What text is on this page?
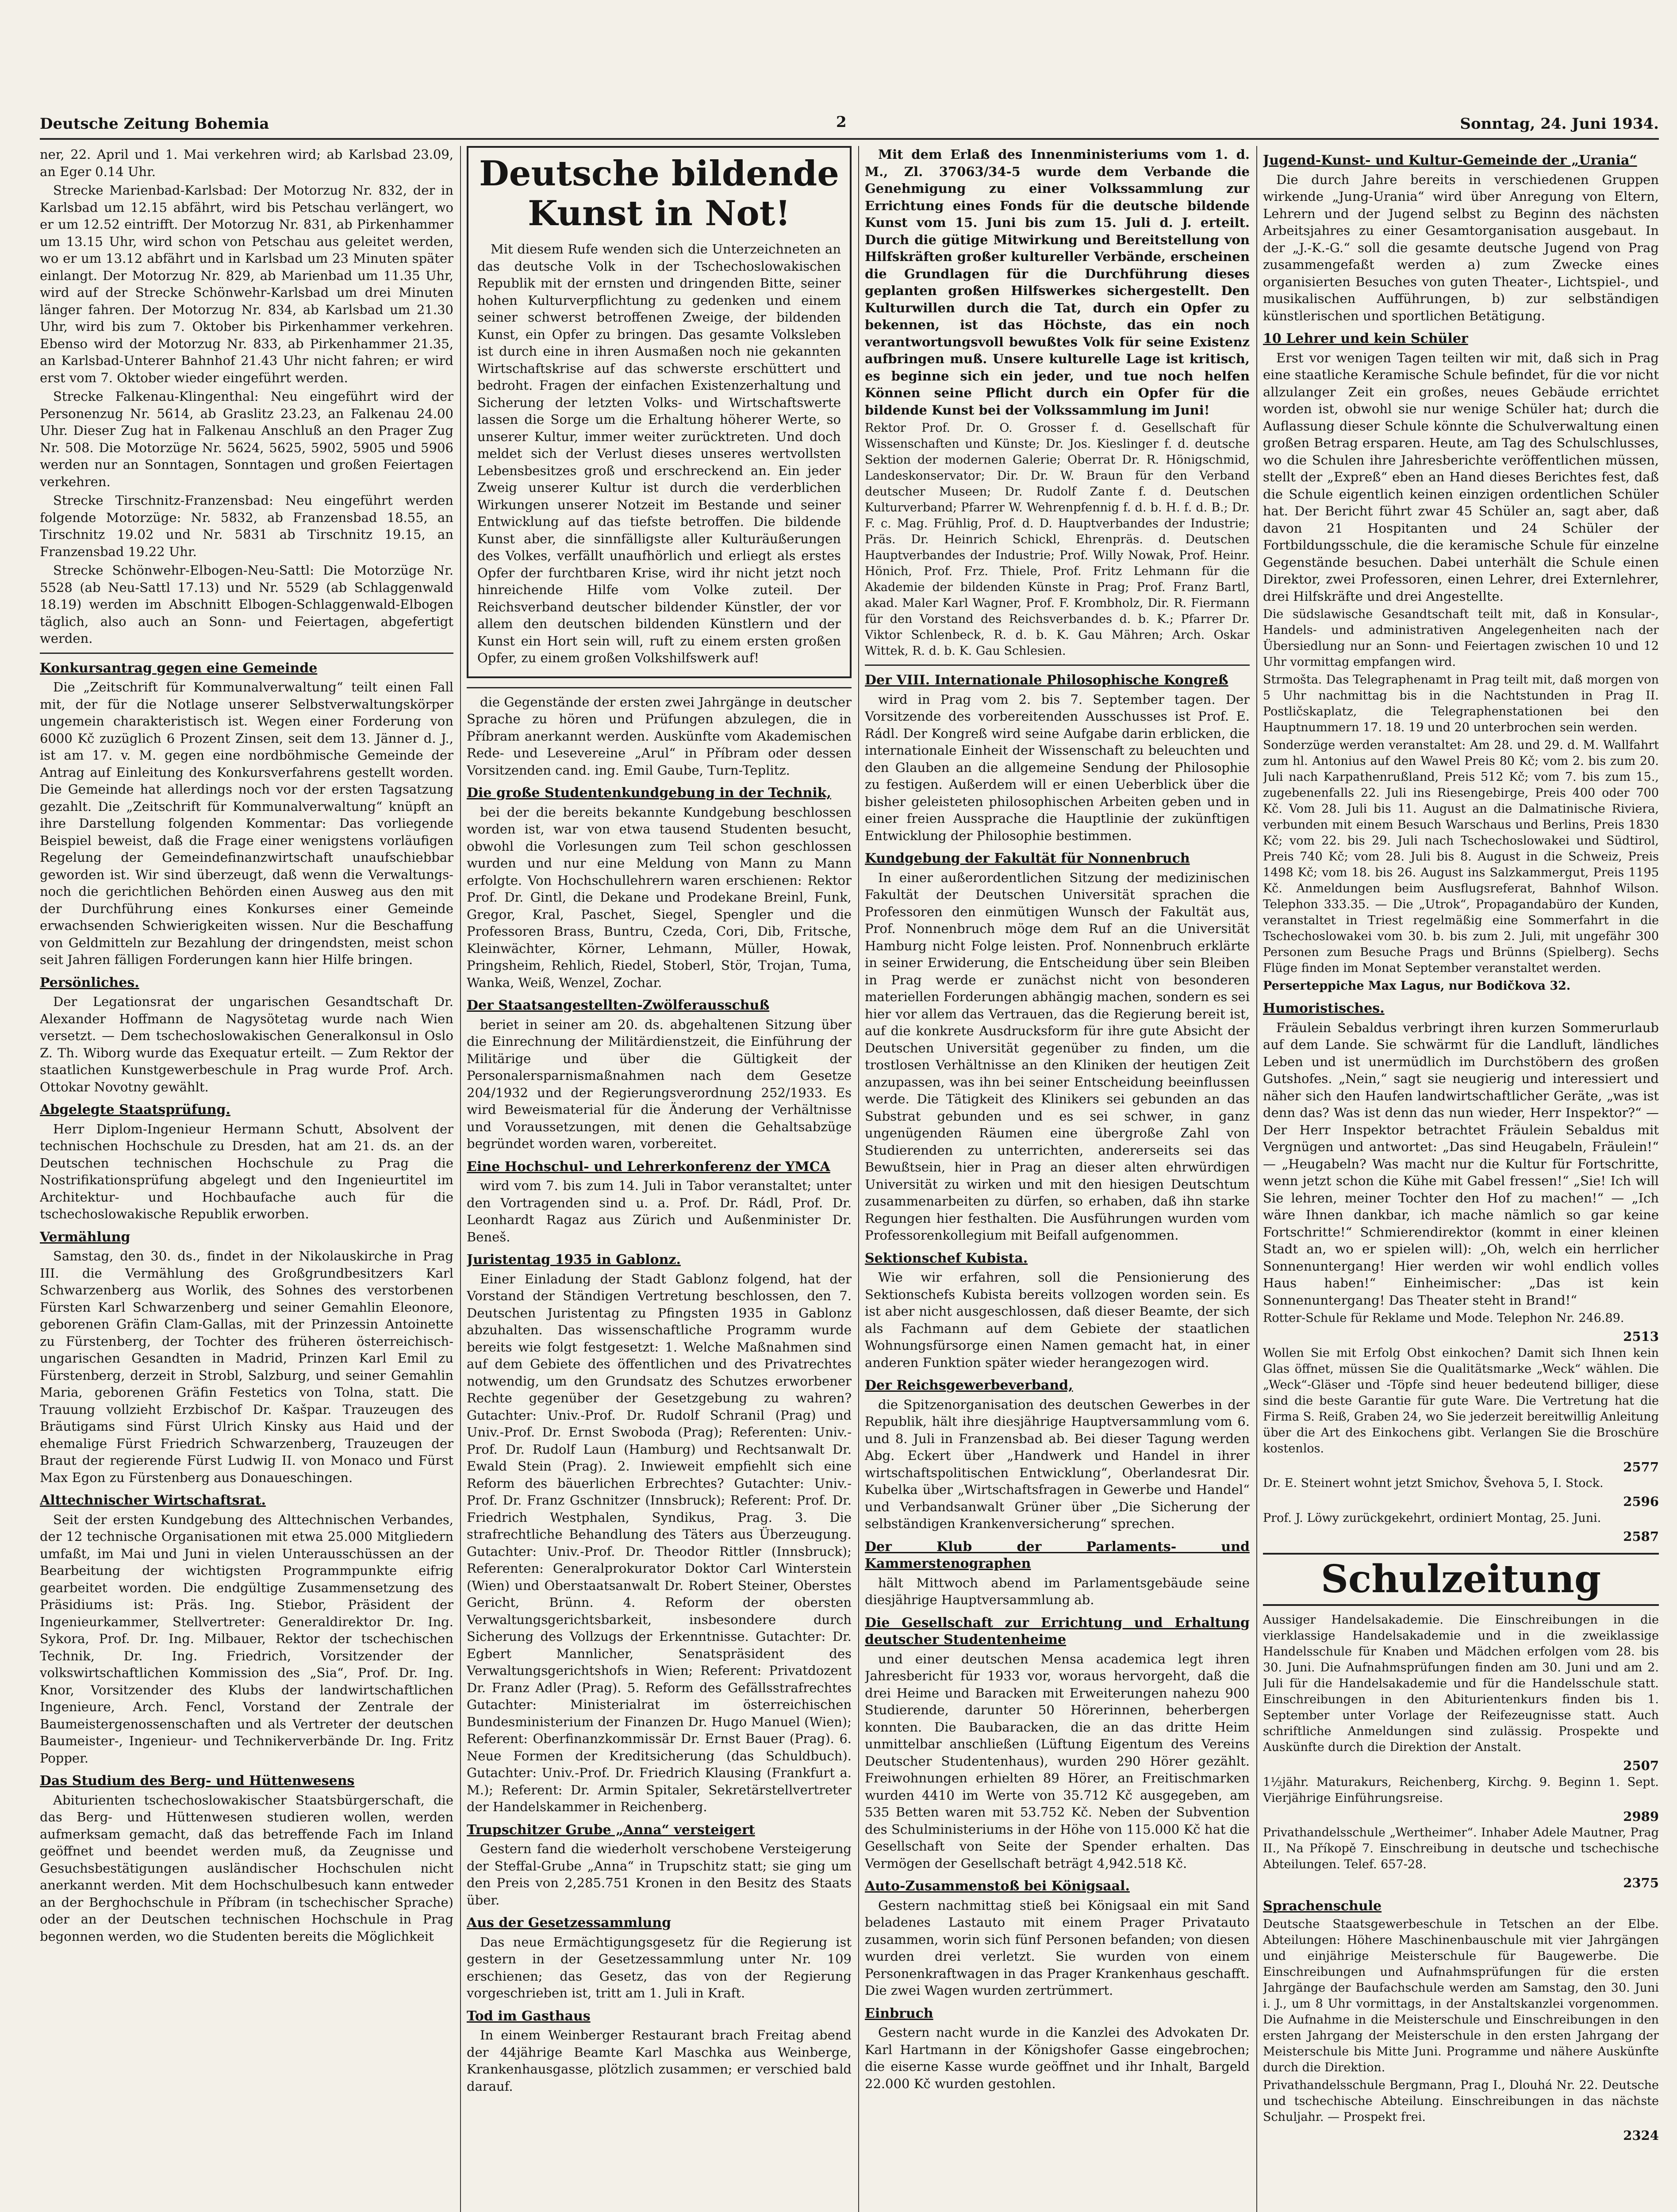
Deutsche Zeitung Bohemia	2	Sonntag, 24. Juni 1934.

ner, 22. April und 1. Mai verkehren wird; ab Karlsbad 23.09, an Eger 0.14 Uhr.

Strecke Marienbad-Karlsbad: Der Motorzug Nr. 832, der in Karlsbad um 12.15 abfährt, wird bis Petschau verlängert, wo er um 12.52 eintrifft. Der Motorzug Nr. 831, ab Pirkenhammer um 13.15 Uhr, wird schon von Petschau aus geleitet werden, wo er um 13.12 abfährt und in Karlsbad um 23 Minuten später einlangt. Der Motorzug Nr. 829, ab Marienbad um 11.35 Uhr, wird auf der Strecke Schönwehr-Karlsbad um drei Minuten länger fahren. Der Motorzug Nr. 834, ab Karlsbad um 21.30 Uhr, wird bis zum 7. Oktober bis Pirkenhammer verkehren. Ebenso wird der Motorzug Nr. 833, ab Pirkenhammer 21.35, an Karlsbad-Unterer Bahnhof 21.43 Uhr nicht fahren; er wird erst vom 7. Oktober wieder eingeführt werden.

Strecke Falkenau-Klingenthal: Neu eingeführt wird der Personenzug Nr. 5614, ab Graslitz 23.23, an Falkenau 24.00 Uhr. Dieser Zug hat in Falkenau Anschluß an den Prager Zug Nr. 508. Die Motorzüge Nr. 5624, 5625, 5902, 5905 und 5906 werden nur an Sonntagen, Sonntagen und großen Feiertagen verkehren.

Strecke Tirschnitz-Franzensbad: Neu eingeführt werden folgende Motorzüge: Nr. 5832, ab Franzensbad 18.55, an Tirschnitz 19.02 und Nr. 5831 ab Tirschnitz 19.15, an Franzensbad 19.22 Uhr.

Strecke Schönwehr-Elbogen-Neu-Sattl: Die Motorzüge Nr. 5528 (ab Neu-Sattl 17.13) und Nr. 5529 (ab Schlaggenwald 18.19) werden im Abschnitt Elbogen-Schlaggenwald-Elbogen täglich, also auch an Sonn- und Feiertagen, abgefertigt werden.

Konkursantrag gegen eine Gemeinde

Die „Zeitschrift für Kommunalverwaltung“ teilt einen Fall mit, der für die Notlage unserer Selbstverwaltungskörper ungemein charakteristisch ist. Wegen einer Forderung von 6000 Kč zuzüglich 6 Prozent Zinsen, seit dem 13. Jänner d. J., ist am 17. v. M. gegen eine nordböhmische Gemeinde der Antrag auf Einleitung des Konkursverfahrens gestellt worden. Die Gemeinde hat allerdings noch vor der ersten Tagsatzung gezahlt. Die „Zeitschrift für Kommunalverwaltung“ knüpft an ihre Darstellung folgenden Kommentar: Das vorliegende Beispiel beweist, daß die Frage einer wenigstens vorläufigen Regelung der Gemeindefinanzwirtschaft unaufschiebbar geworden ist. Wir sind überzeugt, daß wenn die Verwaltungs- noch die gerichtlichen Behörden einen Ausweg aus den mit der Durchführung eines Konkurses einer Gemeinde erwachsenden Schwierigkeiten wissen. Nur die Beschaffung von Geldmitteln zur Bezahlung der dringendsten, meist schon seit Jahren fälligen Forderungen kann hier Hilfe bringen.

Persönliches.

Der Legationsrat der ungarischen Gesandtschaft Dr. Alexander Hoffmann de Nagysötetag wurde nach Wien versetzt. — Dem tschechoslowakischen Generalkonsul in Oslo Z. Th. Wiborg wurde das Exequatur erteilt. — Zum Rektor der staatlichen Kunstgewerbeschule in Prag wurde Prof. Arch. Ottokar Novotny gewählt.

Abgelegte Staatsprüfung.

Herr Diplom-Ingenieur Hermann Schutt, Absolvent der technischen Hochschule zu Dresden, hat am 21. ds. an der Deutschen technischen Hochschule zu Prag die Nostrifikationsprüfung abgelegt und den Ingenieurtitel im Architektur- und Hochbaufache auch für die tschechoslowakische Republik erworben.

Vermählung

Samstag, den 30. ds., findet in der Nikolauskirche in Prag III. die Vermählung des Großgrundbesitzers Karl Schwarzenberg aus Worlik, des Sohnes des verstorbenen Fürsten Karl Schwarzenberg und seiner Gemahlin Eleonore, geborenen Gräfin Clam-Gallas, mit der Prinzessin Antoinette zu Fürstenberg, der Tochter des früheren österreichisch-ungarischen Gesandten in Madrid, Prinzen Karl Emil zu Fürstenberg, derzeit in Strobl, Salzburg, und seiner Gemahlin Maria, geborenen Gräfin Festetics von Tolna, statt. Die Trauung vollzieht Erzbischof Dr. Kašpar. Trauzeugen des Bräutigams sind Fürst Ulrich Kinsky aus Haid und der ehemalige Fürst Friedrich Schwarzenberg, Trauzeugen der Braut der regierende Fürst Ludwig II. von Monaco und Fürst Max Egon zu Fürstenberg aus Donaueschingen.

Alttechnischer Wirtschaftsrat.

Seit der ersten Kundgebung des Alttechnischen Verbandes, der 12 technische Organisationen mit etwa 25.000 Mitgliedern umfaßt, im Mai und Juni in vielen Unterausschüssen an der Bearbeitung der wichtigsten Programmpunkte eifrig gearbeitet worden. Die endgültige Zusammensetzung des Präsidiums ist: Präs. Ing. Stiebor, Präsident der Ingenieurkammer, Stellvertreter: Generaldirektor Dr. Ing. Sykora, Prof. Dr. Ing. Milbauer, Rektor der tschechischen Technik, Dr. Ing. Friedrich, Vorsitzender der volkswirtschaftlichen Kommission des „Sia“, Prof. Dr. Ing. Knor, Vorsitzender des Klubs der landwirtschaftlichen Ingenieure, Arch. Fencl, Vorstand der Zentrale der Baumeistergenossenschaften und als Vertreter der deutschen Baumeister-, Ingenieur- und Technikerverbände Dr. Ing. Fritz Popper.

Das Studium des Berg- und Hüttenwesens

Abiturienten tschechoslowakischer Staatsbürgerschaft, die das Berg- und Hüttenwesen studieren wollen, werden aufmerksam gemacht, daß das betreffende Fach im Inland geöffnet und beendet werden muß, da Zeugnisse und Gesuchsbestätigungen ausländischer Hochschulen nicht anerkannt werden. Mit dem Hochschulbesuch kann entweder an der Berghochschule in Příbram (in tschechischer Sprache) oder an der Deutschen technischen Hochschule in Prag begonnen werden, wo die Studenten bereits die Möglichkeit

Deutsche bildende Kunst in Not!

Mit diesem Rufe wenden sich die Unterzeichneten an das deutsche Volk in der Tschechoslowakischen Republik mit der ernsten und dringenden Bitte, seiner hohen Kulturverpflichtung zu gedenken und einem seiner schwerst betroffenen Zweige, der bildenden Kunst, ein Opfer zu bringen. Das gesamte Volksleben ist durch eine in ihren Ausmaßen noch nie gekannten Wirtschaftskrise auf das schwerste erschüttert und bedroht. Fragen der einfachen Existenzerhaltung und Sicherung der letzten Volks- und Wirtschaftswerte lassen die Sorge um die Erhaltung höherer Werte, so unserer Kultur, immer weiter zurücktreten. Und doch meldet sich der Verlust dieses unseres wertvollsten Lebensbesitzes groß und erschreckend an. Ein jeder Zweig unserer Kultur ist durch die verderblichen Wirkungen unserer Notzeit im Bestande und seiner Entwicklung auf das tiefste betroffen. Die bildende Kunst aber, die sinnfälligste aller Kulturäußerungen des Volkes, verfällt unaufhörlich und erliegt als erstes Opfer der furchtbaren Krise, wird ihr nicht jetzt noch hinreichende Hilfe vom Volke zuteil. Der Reichsverband deutscher bildender Künstler, der vor allem den deutschen bildenden Künstlern und der Kunst ein Hort sein will, ruft zu einem ersten großen Opfer, zu einem großen Volkshilfswerk auf!

die Gegenstände der ersten zwei Jahrgänge in deutscher Sprache zu hören und Prüfungen abzulegen, die in Příbram anerkannt werden. Auskünfte vom Akademischen Rede- und Lesevereine „Arul“ in Příbram oder dessen Vorsitzenden cand. ing. Emil Gaube, Turn-Teplitz.

Die große Studentenkundgebung in der Technik,

bei der die bereits bekannte Kundgebung beschlossen worden ist, war von etwa tausend Studenten besucht, obwohl die Vorlesungen zum Teil schon geschlossen wurden und nur eine Meldung von Mann zu Mann erfolgte. Von Hochschullehrern waren erschienen: Rektor Prof. Dr. Gintl, die Dekane und Prodekane Breinl, Funk, Gregor, Kral, Paschet, Siegel, Spengler und die Professoren Brass, Buntru, Czeda, Cori, Dib, Fritsche, Kleinwächter, Körner, Lehmann, Müller, Howak, Pringsheim, Rehlich, Riedel, Stoberl, Stör, Trojan, Tuma, Wanka, Weiß, Wenzel, Zochar.

Der Staatsangestellten-Zwölferausschuß

beriet in seiner am 20. ds. abgehaltenen Sitzung über die Einrechnung der Militärdienstzeit, die Einführung der Militärige und über die Gültigkeit der Personalersparnismaßnahmen nach dem Gesetze 204/1932 und der Regierungsverordnung 252/1933. Es wird Beweismaterial für die Änderung der Verhältnisse und Voraussetzungen, mit denen die Gehaltsabzüge begründet worden waren, vorbereitet.

Eine Hochschul- und Lehrerkonferenz der YMCA

wird vom 7. bis zum 14. Juli in Tabor veranstaltet; unter den Vortragenden sind u. a. Prof. Dr. Rádl, Prof. Dr. Leonhardt Ragaz aus Zürich und Außenminister Dr. Beneš.

Juristentag 1935 in Gablonz.

Einer Einladung der Stadt Gablonz folgend, hat der Vorstand der Ständigen Vertretung beschlossen, den 7. Deutschen Juristentag zu Pfingsten 1935 in Gablonz abzuhalten. Das wissenschaftliche Programm wurde bereits wie folgt festgesetzt: 1. Welche Maßnahmen sind auf dem Gebiete des öffentlichen und des Privatrechtes notwendig, um den Grundsatz des Schutzes erworbener Rechte gegenüber der Gesetzgebung zu wahren? Gutachter: Univ.-Prof. Dr. Rudolf Schranil (Prag) und Univ.-Prof. Dr. Ernst Swoboda (Prag); Referenten: Univ.-Prof. Dr. Rudolf Laun (Hamburg) und Rechtsanwalt Dr. Ewald Stein (Prag). 2. Inwieweit empfiehlt sich eine Reform des bäuerlichen Erbrechtes? Gutachter: Univ.-Prof. Dr. Franz Gschnitzer (Innsbruck); Referent: Prof. Dr. Friedrich Westphalen, Syndikus, Prag. 3. Die strafrechtliche Behandlung des Täters aus Überzeugung. Gutachter: Univ.-Prof. Dr. Theodor Rittler (Innsbruck); Referenten: Generalprokurator Doktor Carl Winterstein (Wien) und Oberstaatsanwalt Dr. Robert Steiner, Oberstes Gericht, Brünn. 4. Reform der obersten Verwaltungsgerichtsbarkeit, insbesondere durch Sicherung des Vollzugs der Erkenntnisse. Gutachter: Dr. Egbert Mannlicher, Senatspräsident des Verwaltungsgerichtshofs in Wien; Referent: Privatdozent Dr. Franz Adler (Prag). 5. Reform des Gefällsstrafrechtes Gutachter: Ministerialrat im österreichischen Bundesministerium der Finanzen Dr. Hugo Manuel (Wien); Referent: Oberfinanzkommissär Dr. Ernst Bauer (Prag). 6. Neue Formen der Kreditsicherung (das Schuldbuch). Gutachter: Univ.-Prof. Dr. Friedrich Klausing (Frankfurt a. M.); Referent: Dr. Armin Spitaler, Sekretärstellvertreter der Handelskammer in Reichenberg.

Trupschitzer Grube „Anna“ versteigert

Gestern fand die wiederholt verschobene Versteigerung der Steffal-Grube „Anna“ in Trupschitz statt; sie ging um den Preis von 2,285.751 Kronen in den Besitz des Staats über.

Aus der Gesetzessammlung

Das neue Ermächtigungsgesetz für die Regierung ist gestern in der Gesetzessammlung unter Nr. 109 erschienen; das Gesetz, das von der Regierung vorgeschrieben ist, tritt am 1. Juli in Kraft.

Tod im Gasthaus

In einem Weinberger Restaurant brach Freitag abend der 44jährige Beamte Karl Maschka aus Weinberge, Krankenhausgasse, plötzlich zusammen; er verschied bald darauf.

Mit dem Erlaß des Innenministeriums vom 1. d. M., Zl. 37063/34-5 wurde dem Verbande die Genehmigung zu einer Volkssammlung zur Errichtung eines Fonds für die deutsche bildende Kunst vom 15. Juni bis zum 15. Juli d. J. erteilt. Durch die gütige Mitwirkung und Bereitstellung von Hilfskräften großer kultureller Verbände, erscheinen die Grundlagen für die Durchführung dieses geplanten großen Hilfswerkes sichergestellt. Den Kulturwillen durch die Tat, durch ein Opfer zu bekennen, ist das Höchste, das ein noch verantwortungsvoll bewußtes Volk für seine Existenz aufbringen muß. Unsere kulturelle Lage ist kritisch, es beginne sich ein jeder, und tue noch helfen Können seine Pflicht durch ein Opfer für die bildende Kunst bei der Volkssammlung im Juni!

Rektor Prof. Dr. O. Grosser f. d. Gesellschaft für Wissenschaften und Künste; Dr. Jos. Kieslinger f. d. deutsche Sektion der modernen Galerie; Oberrat Dr. R. Hönigschmid, Landeskonservator; Dir. Dr. W. Braun für den Verband deutscher Museen; Dr. Rudolf Zante f. d. Deutschen Kulturverband; Pfarrer W. Wehrenpfennig f. d. b. H. f. d. B.; Dr. F. c. Mag. Frühlig, Prof. d. D. Hauptverbandes der Industrie; Präs. Dr. Heinrich Schickl, Ehrenpräs. d. Deutschen Hauptverbandes der Industrie; Prof. Willy Nowak, Prof. Heinr. Hönich, Prof. Frz. Thiele, Prof. Fritz Lehmann für die Akademie der bildenden Künste in Prag; Prof. Franz Bartl, akad. Maler Karl Wagner, Prof. F. Krombholz, Dir. R. Fiermann für den Vorstand des Reichsverbandes d. b. K.; Pfarrer Dr. Viktor Schlenbeck, R. d. b. K. Gau Mähren; Arch. Oskar Wittek, R. d. b. K. Gau Schlesien.

Der VIII. Internationale Philosophische Kongreß

wird in Prag vom 2. bis 7. September tagen. Der Vorsitzende des vorbereitenden Ausschusses ist Prof. E. Rádl. Der Kongreß wird seine Aufgabe darin erblicken, die internationale Einheit der Wissenschaft zu beleuchten und den Glauben an die allgemeine Sendung der Philosophie zu festigen. Außerdem will er einen Ueberblick über die bisher geleisteten philosophischen Arbeiten geben und in einer freien Aussprache die Hauptlinie der zukünftigen Entwicklung der Philosophie bestimmen.

Kundgebung der Fakultät für Nonnenbruch

In einer außerordentlichen Sitzung der medizinischen Fakultät der Deutschen Universität sprachen die Professoren den einmütigen Wunsch der Fakultät aus, Prof. Nonnenbruch möge dem Ruf an die Universität Hamburg nicht Folge leisten. Prof. Nonnenbruch erklärte in seiner Erwiderung, die Entscheidung über sein Bleiben in Prag werde er zunächst nicht von besonderen materiellen Forderungen abhängig machen, sondern es sei hier vor allem das Vertrauen, das die Regierung bereit ist, auf die konkrete Ausdrucksform für ihre gute Absicht der Deutschen Universität gegenüber zu finden, um die trostlosen Verhältnisse an den Kliniken der heutigen Zeit anzupassen, was ihn bei seiner Entscheidung beeinflussen werde. Die Tätigkeit des Klinikers sei gebunden an das Substrat gebunden und es sei schwer, in ganz ungenügenden Räumen eine übergroße Zahl von Studierenden zu unterrichten, andererseits sei das Bewußtsein, hier in Prag an dieser alten ehrwürdigen Universität zu wirken und mit den hiesigen Deutschtum zusammenarbeiten zu dürfen, so erhaben, daß ihn starke Regungen hier festhalten. Die Ausführungen wurden vom Professorenkollegium mit Beifall aufgenommen.

Sektionschef Kubista.

Wie wir erfahren, soll die Pensionierung des Sektionschefs Kubista bereits vollzogen worden sein. Es ist aber nicht ausgeschlossen, daß dieser Beamte, der sich als Fachmann auf dem Gebiete der staatlichen Wohnungsfürsorge einen Namen gemacht hat, in einer anderen Funktion später wieder herangezogen wird.

Der Reichsgewerbeverband,

die Spitzenorganisation des deutschen Gewerbes in der Republik, hält ihre diesjährige Hauptversammlung vom 6. und 8. Juli in Franzensbad ab. Bei dieser Tagung werden Abg. Eckert über „Handwerk und Handel in ihrer wirtschaftspolitischen Entwicklung“, Oberlandesrat Dir. Kubelka über „Wirtschaftsfragen in Gewerbe und Handel“ und Verbandsanwalt Grüner über „Die Sicherung der selbständigen Krankenversicherung“ sprechen.

Der Klub der Parlaments- und Kammerstenographen

hält Mittwoch abend im Parlamentsgebäude seine diesjährige Hauptversammlung ab.

Die Gesellschaft zur Errichtung und Erhaltung deutscher Studentenheime

und einer deutschen Mensa academica legt ihren Jahresbericht für 1933 vor, woraus hervorgeht, daß die drei Heime und Baracken mit Erweiterungen nahezu 900 Studierende, darunter 50 Hörerinnen, beherbergen konnten. Die Baubaracken, die an das dritte Heim unmittelbar anschließen (Lüftung Eigentum des Vereins Deutscher Studentenhaus), wurden 290 Hörer gezählt. Freiwohnungen erhielten 89 Hörer, an Freitischmarken wurden 4410 im Werte von 35.712 Kč ausgegeben, am 535 Betten waren mit 53.752 Kč. Neben der Subvention des Schulministeriums in der Höhe von 115.000 Kč hat die Gesellschaft von Seite der Spender erhalten. Das Vermögen der Gesellschaft beträgt 4,942.518 Kč.

Auto-Zusammenstoß bei Königsaal.

Gestern nachmittag stieß bei Königsaal ein mit Sand beladenes Lastauto mit einem Prager Privatauto zusammen, worin sich fünf Personen befanden; von diesen wurden drei verletzt. Sie wurden von einem Personenkraftwagen in das Prager Krankenhaus geschafft. Die zwei Wagen wurden zertrümmert.

Einbruch

Gestern nacht wurde in die Kanzlei des Advokaten Dr. Karl Hartmann in der Königshofer Gasse eingebrochen; die eiserne Kasse wurde geöffnet und ihr Inhalt, Bargeld 22.000 Kč wurden gestohlen.

Jugend-Kunst- und Kultur-Gemeinde der „Urania“

Die durch Jahre bereits in verschiedenen Gruppen wirkende „Jung-Urania“ wird über Anregung von Eltern, Lehrern und der Jugend selbst zu Beginn des nächsten Arbeitsjahres zu einer Gesamtorganisation ausgebaut. In der „J.-K.-G.“ soll die gesamte deutsche Jugend von Prag zusammengefaßt werden a) zum Zwecke eines organisierten Besuches von guten Theater-, Lichtspiel-, und musikalischen Aufführungen, b) zur selbständigen künstlerischen und sportlichen Betätigung.

10 Lehrer und kein Schüler

Erst vor wenigen Tagen teilten wir mit, daß sich in Prag eine staatliche Keramische Schule befindet, für die vor nicht allzulanger Zeit ein großes, neues Gebäude errichtet worden ist, obwohl sie nur wenige Schüler hat; durch die Auflassung dieser Schule könnte die Schulverwaltung einen großen Betrag ersparen. Heute, am Tag des Schulschlusses, wo die Schulen ihre Jahresberichte veröffentlichen müssen, stellt der „Expreß“ eben an Hand dieses Berichtes fest, daß die Schule eigentlich keinen einzigen ordentlichen Schüler hat. Der Bericht führt zwar 45 Schüler an, sagt aber, daß davon 21 Hospitanten und 24 Schüler der Fortbildungsschule, die die keramische Schule für einzelne Gegenstände besuchen. Dabei unterhält die Schule einen Direktor, zwei Professoren, einen Lehrer, drei Externlehrer, drei Hilfskräfte und drei Angestellte.

Die südslawische Gesandtschaft teilt mit, daß in Konsular-, Handels- und administrativen Angelegenheiten nach der Übersiedlung nur an Sonn- und Feiertagen zwischen 10 und 12 Uhr vormittag empfangen wird.

Strmošta. Das Telegraphenamt in Prag teilt mit, daß morgen von 5 Uhr nachmittag bis in die Nachtstunden in Prag II. Postličskaplatz, die Telegraphenstationen bei den Hauptnummern 17. 18. 19 und 20 unterbrochen sein werden.

Sonderzüge werden veranstaltet: Am 28. und 29. d. M. Wallfahrt zum hl. Antonius auf den Wawel Preis 80 Kč; vom 2. bis zum 20. Juli nach Karpathenrußland, Preis 512 Kč; vom 7. bis zum 15., zugebenenfalls 22. Juli ins Riesengebirge, Preis 400 oder 700 Kč. Vom 28. Juli bis 11. August an die Dalmatinische Riviera, verbunden mit einem Besuch Warschaus und Berlins, Preis 1830 Kč; vom 22. bis 29. Juli nach Tschechoslowakei und Südtirol, Preis 740 Kč; vom 28. Juli bis 8. August in die Schweiz, Preis 1498 Kč; vom 18. bis 26. August ins Salzkammergut, Preis 1195 Kč. Anmeldungen beim Ausflugsreferat, Bahnhof Wilson. Telephon 333.35. — Die „Utrok“, Propagandabüro der Kunden, veranstaltet in Triest regelmäßig eine Sommerfahrt in die Tschechoslowakei vom 30. b. bis zum 2. Juli, mit ungefähr 300 Personen zum Besuche Prags und Brünns (Spielberg). Sechs Flüge finden im Monat September veranstaltet werden.

Perserteppiche Max Lagus, nur Bodičkova 32.

Humoristisches.

Fräulein Sebaldus verbringt ihren kurzen Sommerurlaub auf dem Lande. Sie schwärmt für die Landluft, ländliches Leben und ist unermüdlich im Durchstöbern des großen Gutshofes. „Nein,“ sagt sie neugierig und interessiert und näher sich den Haufen landwirtschaftlicher Geräte, „was ist denn das? Was ist denn das nun wieder, Herr Inspektor?“ — Der Herr Inspektor betrachtet Fräulein Sebaldus mit Vergnügen und antwortet: „Das sind Heugabeln, Fräulein!“ — „Heugabeln? Was macht nur die Kultur für Fortschritte, wenn jetzt schon die Kühe mit Gabel fressen!“ „Sie! Ich will Sie lehren, meiner Tochter den Hof zu machen!“ — „Ich wäre Ihnen dankbar, ich mache nämlich so gar keine Fortschritte!“ Schmierendirektor (kommt in einer kleinen Stadt an, wo er spielen will): „Oh, welch ein herrlicher Sonnenuntergang! Hier werden wir wohl endlich volles Haus haben!“ Einheimischer: „Das ist kein Sonnenuntergang! Das Theater steht in Brand!“

Rotter-Schule für Reklame und Mode. Telephon Nr. 246.89.

2513

Wollen Sie mit Erfolg Obst einkochen? Damit sich Ihnen kein Glas öffnet, müssen Sie die Qualitätsmarke „Weck“ wählen. Die „Weck“-Gläser und -Töpfe sind heuer bedeutend billiger, diese sind die beste Garantie für gute Ware. Die Vertretung hat die Firma S. Reiß, Graben 24, wo Sie jederzeit bereitwillig Anleitung über die Art des Einkochens gibt. Verlangen Sie die Broschüre kostenlos.

2577

Dr. E. Steinert wohnt jetzt Smichov, Švehova 5, I. Stock.

2596

Prof. J. Löwy zurückgekehrt, ordiniert Montag, 25. Juni.

2587
Schulzeitung

Aussiger Handelsakademie. Die Einschreibungen in die vierklassige Handelsakademie und in die zweiklassige Handelsschule für Knaben und Mädchen erfolgen vom 28. bis 30. Juni. Die Aufnahmsprüfungen finden am 30. Juni und am 2. Juli für die Handelsakademie und für die Handelsschule statt. Einschreibungen in den Abiturientenkurs finden bis 1. September unter Vorlage der Reifezeugnisse statt. Auch schriftliche Anmeldungen sind zulässig. Prospekte und Auskünfte durch die Direktion der Anstalt.

2507

1½jähr. Maturakurs, Reichenberg, Kirchg. 9. Beginn 1. Sept. Vierjährige Einführungsreise.

2989

Privathandelsschule „Wertheimer“. Inhaber Adele Mautner, Prag II., Na Příkopě 7. Einschreibung in deutsche und tschechische Abteilungen. Telef. 657-28.

2375

Sprachenschule

Deutsche Staatsgewerbeschule in Tetschen an der Elbe. Abteilungen: Höhere Maschinenbauschule mit vier Jahrgängen und einjährige Meisterschule für Baugewerbe. Die Einschreibungen und Aufnahmsprüfungen für die ersten Jahrgänge der Baufachschule werden am Samstag, den 30. Juni i. J., um 8 Uhr vormittags, in der Anstaltskanzlei vorgenommen. Die Aufnahme in die Meisterschule und Einschreibungen in den ersten Jahrgang der Meisterschule in den ersten Jahrgang der Meisterschule bis Mitte Juni. Programme und nähere Auskünfte durch die Direktion.

Privathandelsschule Bergmann, Prag I., Dlouhá Nr. 22. Deutsche und tschechische Abteilung. Einschreibungen in das nächste Schuljahr. — Prospekt frei.

2324
